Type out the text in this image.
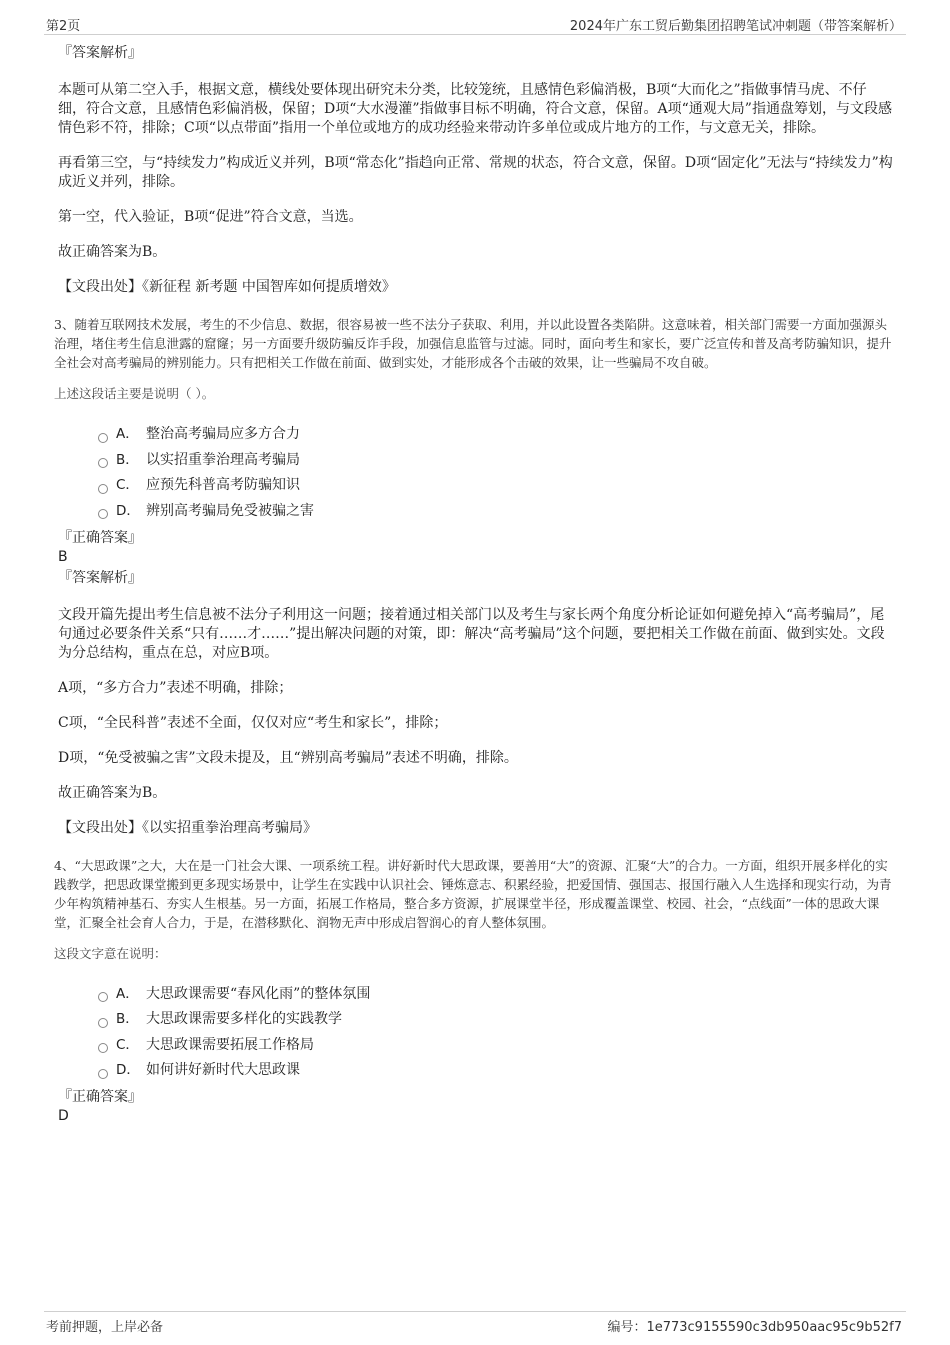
第2页	2024年广东工贸后勤集团招聘笔试冲刺题（带答案解析）

『答案解析』

本题可从第二空入手，根据文意，横线处要体现出研究未分类，比较笼统，且感情色彩偏消极，B项“大而化之”指做事情马虎、不仔细，符合文意，且感情色彩偏消极，保留；D项“大水漫灌”指做事目标不明确，符合文意，保留。A项“通观大局”指通盘筹划，与文段感情色彩不符，排除；C项“以点带面”指用一个单位或地方的成功经验来带动许多单位或成片地方的工作，与文意无关，排除。

再看第三空，与“持续发力”构成近义并列，B项“常态化”指趋向正常、常规的状态，符合文意，保留。D项“固定化”无法与“持续发力”构成近义并列，排除。

第一空，代入验证，B项“促进”符合文意，当选。

故正确答案为B。

【文段出处】《新征程 新考题 中国智库如何提质增效》

3、随着互联网技术发展，考生的不少信息、数据，很容易被一些不法分子获取、利用，并以此设置各类陷阱。这意味着，相关部门需要一方面加强源头治理，堵住考生信息泄露的窟窿；另一方面要升级防骗反诈手段，加强信息监管与过滤。同时，面向考生和家长，要广泛宣传和普及高考防骗知识，提升全社会对高考骗局的辨别能力。只有把相关工作做在前面、做到实处，才能形成各个击破的效果，让一些骗局不攻自破。

上述这段话主要是说明（ ）。

A． 整治高考骗局应多方合力
B． 以实招重拳治理高考骗局
C． 应预先科普高考防骗知识
D． 辨别高考骗局免受被骗之害

『正确答案』

B

『答案解析』

文段开篇先提出考生信息被不法分子利用这一问题；接着通过相关部门以及考生与家长两个角度分析论证如何避免掉入“高考骗局”，尾句通过必要条件关系“只有……才……”提出解决问题的对策，即：解决“高考骗局”这个问题，要把相关工作做在前面、做到实处。文段为分总结构，重点在总，对应B项。

A项，“多方合力”表述不明确，排除；

C项，“全民科普”表述不全面，仅仅对应“考生和家长”，排除；

D项，“免受被骗之害”文段未提及，且“辨别高考骗局”表述不明确，排除。

故正确答案为B。

【文段出处】《以实招重拳治理高考骗局》

4、“大思政课”之大，大在是一门社会大课、一项系统工程。讲好新时代大思政课，要善用“大”的资源、汇聚“大”的合力。一方面，组织开展多样化的实践教学，把思政课堂搬到更多现实场景中，让学生在实践中认识社会、锤炼意志、积累经验，把爱国情、强国志、报国行融入人生选择和现实行动，为青少年构筑精神基石、夯实人生根基。另一方面，拓展工作格局，整合多方资源，扩展课堂半径，形成覆盖课堂、校园、社会，“点线面”一体的思政大课堂，汇聚全社会育人合力，于是，在潜移默化、润物无声中形成启智润心的育人整体氛围。

这段文字意在说明：

A． 大思政课需要“春风化雨”的整体氛围
B． 大思政课需要多样化的实践教学
C． 大思政课需要拓展工作格局
D． 如何讲好新时代大思政课

『正确答案』

D

考前押题，上岸必备	编号：1e773c9155590c3db950aac95c9b52f7
